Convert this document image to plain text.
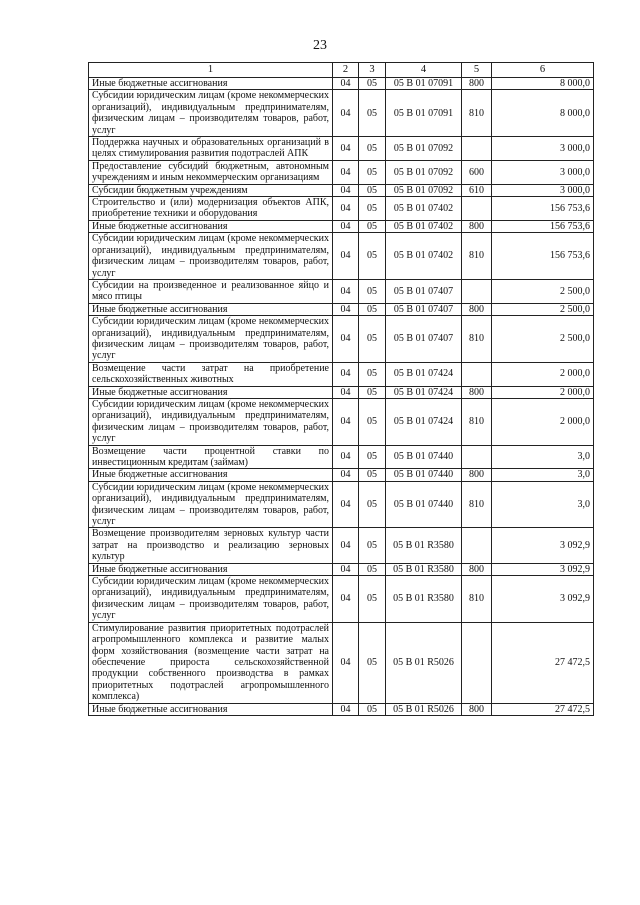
23
1	2	3	4	5	6
Иные бюджетные ассигнования	04	05	05 В 01 07091	800	8 000,0
Субсидии юридическим лицам (кроме некоммерческих организаций), индивидуальным предпринимателям, физическим лицам – производителям товаров, работ, услуг	04	05	05 В 01 07091	810	8 000,0
Поддержка научных и образовательных организаций в целях стимулирования развития подотраслей АПК	04	05	05 В 01 07092		3 000,0
Предоставление субсидий бюджетным, автономным учреждениям и иным некоммерческим организациям	04	05	05 В 01 07092	600	3 000,0
Субсидии бюджетным учреждениям	04	05	05 В 01 07092	610	3 000,0
Строительство и (или) модернизация объектов АПК, приобретение техники и оборудования	04	05	05 В 01 07402		156 753,6
Иные бюджетные ассигнования	04	05	05 В 01 07402	800	156 753,6
Субсидии юридическим лицам (кроме некоммерческих организаций), индивидуальным предпринимателям, физическим лицам – производителям товаров, работ, услуг	04	05	05 В 01 07402	810	156 753,6
Субсидии на произведенное и реализованное яйцо и мясо птицы	04	05	05 В 01 07407		2 500,0
Иные бюджетные ассигнования	04	05	05 В 01 07407	800	2 500,0
Субсидии юридическим лицам (кроме некоммерческих организаций), индивидуальным предпринимателям, физическим лицам – производителям товаров, работ, услуг	04	05	05 В 01 07407	810	2 500,0
Возмещение части затрат на приобретение сельскохозяйственных животных	04	05	05 В 01 07424		2 000,0
Иные бюджетные ассигнования	04	05	05 В 01 07424	800	2 000,0
Субсидии юридическим лицам (кроме некоммерческих организаций), индивидуальным предпринимателям, физическим лицам – производителям товаров, работ, услуг	04	05	05 В 01 07424	810	2 000,0
Возмещение части процентной ставки по инвестиционным кредитам (займам)	04	05	05 В 01 07440		3,0
Иные бюджетные ассигнования	04	05	05 В 01 07440	800	3,0
Субсидии юридическим лицам (кроме некоммерческих организаций), индивидуальным предпринимателям, физическим лицам – производителям товаров, работ, услуг	04	05	05 В 01 07440	810	3,0
Возмещение производителям зерновых культур части затрат на производство и реализацию зерновых культур	04	05	05 В 01 R3580		3 092,9
Иные бюджетные ассигнования	04	05	05 В 01 R3580	800	3 092,9
Субсидии юридическим лицам (кроме некоммерческих организаций), индивидуальным предпринимателям, физическим лицам – производителям товаров, работ, услуг	04	05	05 В 01 R3580	810	3 092,9
Стимулирование развития приоритетных подотраслей агропромышленного комплекса и развитие малых форм хозяйствования (возмещение части затрат на обеспечение прироста сельскохозяйственной продукции собственного производства в рамках приоритетных подотраслей агропромышленного комплекса)	04	05	05 В 01 R5026		27 472,5
Иные бюджетные ассигнования	04	05	05 В 01 R5026	800	27 472,5
